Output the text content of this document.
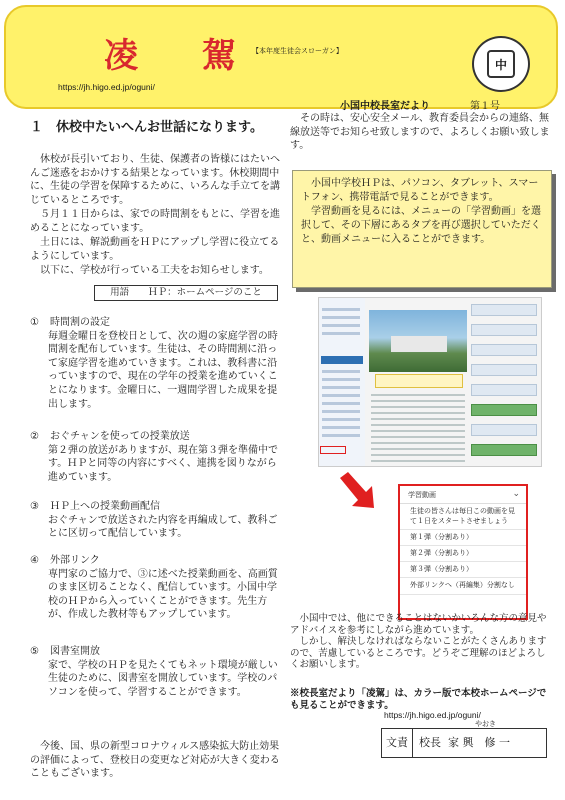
凌 駕
【本年度生徒会スローガン】
https://jh.higo.ed.jp/oguni/
中
小国中校長室だより	第１号
１　休校中たいへんお世話になります。
　休校が長引いており、生徒、保護者の皆様にはたいへんご迷惑をおかけする結果となっています。休校期間中に、生徒の学習を保障するために、いろんな手立てを講じているところです。
　５月１１日からは、家での時間割をもとに、学習を進めることになっています。
　土日には、解説動画をＨＰにアップし学習に役立てるようにしています。
　以下に、学校が行っている工夫をお知らせします。
用語　　ＨＰ：ホームページのこと
①	時間割の設定
毎週金曜日を登校日として、次の週の家庭学習の時間割を配布しています。生徒は、その時間割に沿って家庭学習を進めていきます。これは、教科書に沿っていますので、現在の学年の授業を進めていくことになります。金曜日に、一週間学習した成果を提出します。
②	おぐチャンを使っての授業放送
第２弾の放送がありますが、現在第３弾を準備中です。ＨＰと同等の内容にすべく、連携を図りながら進めています。
③	ＨＰ上への授業動画配信
おぐチャンで放送された内容を再編成して、教科ごとに区切って配信しています。
④	外部リンク
専門家のご協力で、③に述べた授業動画を、高画質のまま区切ることなく、配信しています。小国中学校のＨＰから入っていくことができます。先生方が、作成した教材等もアップしています。
⑤	図書室開放
家で、学校のＨＰを見たくてもネット環境が厳しい生徒のために、図書室を開放しています。学校のパソコンを使って、学習することができます。
　今後、国、県の新型コロナウィルス感染拡大防止効果の評価によって、登校日の変更など対応が大きく変わることもございます。
　その時は、安心安全メール、教育委員会からの連絡、無線放送等でお知らせ致しますので、よろしくお願い致します。
　小国中学校ＨＰは、パソコン、タブレット、スマートフォン、携帯電話で見ることができます。
　学習動画を見るには、メニューの「学習動画」を選択して、その下層にあるタブを再び選択していただくと、動画メニューに入ることができます。
学習動画	⌄
生徒の皆さんは毎日この動画を見て１日をスタートさせましょう
第１弾（分割あり）
第２弾（分割あり）
第３弾（分割あり）
外部リンクへ（再編集）分割なし
　小国中では、他にできることはないかいろんな方の意見やアドバイスを参考にしながら進めています。
　しかし、解決しなければならないことがたくさんありますので、苦慮しているところです。どうぞご理解のほどよろしくお願いします。
※校長室だより「凌駕」は、カラー版で本校ホームページでも見ることができます。
https://jh.higo.ed.jp/oguni/
やおき
文責 校長 家 興　修 一
